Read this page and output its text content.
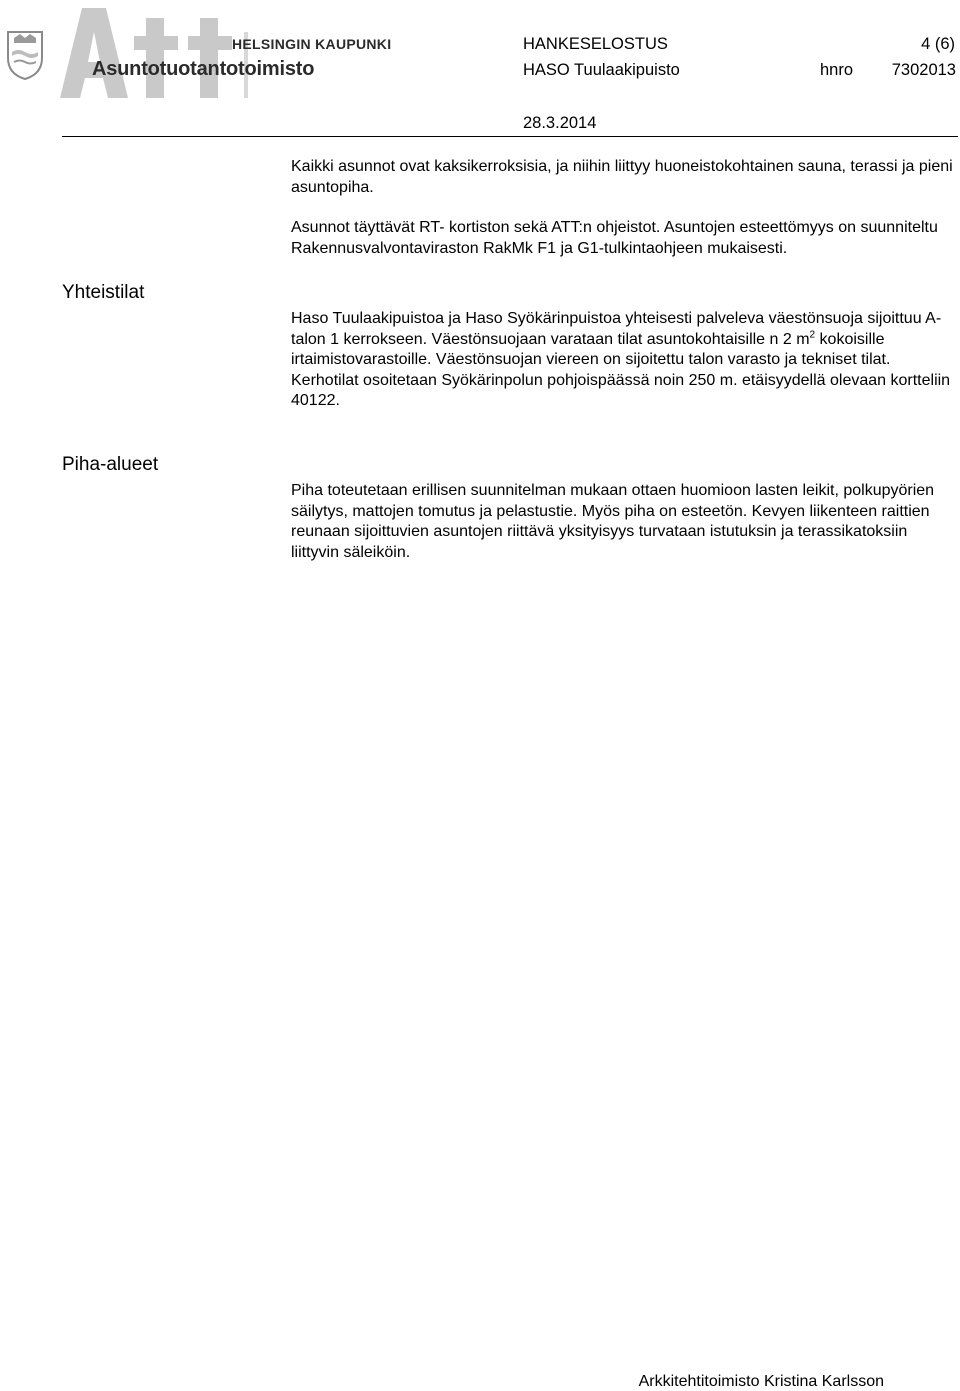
HELSINGIN KAUPUNKI
Asuntotuotantotoimisto
HANKESELOSTUS	4 (6)
HASO Tuulaakipuisto	hnro 7302013
28.3.2014
Kaikki asunnot ovat kaksikerroksisia, ja niihin liittyy huoneistokohtainen sauna, terassi ja pieni asuntopiha.
Asunnot täyttävät RT- kortiston sekä ATT:n ohjeistot. Asuntojen esteettömyys on suunniteltu Rakennusvalvontaviraston RakMk F1 ja G1-tulkintaohjeen mukaisesti.
Yhteistilat
Haso Tuulaakipuistoa ja Haso Syökärinpuistoa yhteisesti palveleva väestönsuoja sijoittuu A-talon 1 kerrokseen. Väestönsuojaan varataan tilat asuntokohtaisille n 2 $m^2$ kokoisille irtaimistovarastoille. Väestönsuojan viereen on sijoitettu talon varasto ja tekniset tilat. Kerhotilat osoitetaan Syökärinpolun pohjoispäässä noin 250 m. etäisyydellä olevaan kortteliin 40122.
Piha-alueet
Piha toteutetaan erillisen suunnitelman mukaan ottaen huomioon lasten leikit, polkupyörien säilytys, mattojen tomutus ja pelastustie. Myös piha on esteetön. Kevyen liikenteen raittien reunaan sijoittuvien asuntojen riittävä yksityisyys turvataan istutuksin ja terassikatoksiin liittyvin säleiköin.
Arkkitehtitoimisto Kristina Karlsson
